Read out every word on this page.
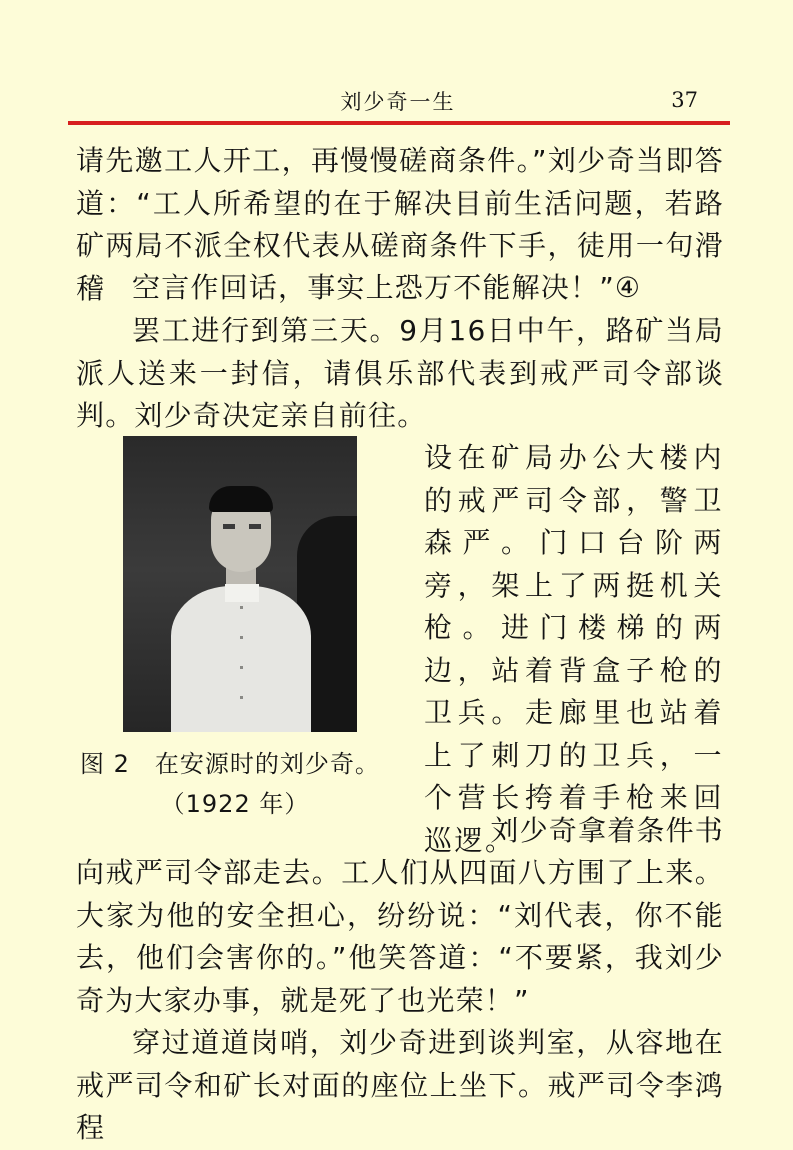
刘少奇一生	37

请先邀工人开工，再慢慢磋商条件。”刘少奇当即答道：“工人所希望的在于解决目前生活问题，若路矿两局不派全权代表从磋商条件下手，徒用一句滑稽 空言作回话，事实上恐万不能解决！”④

罢工进行到第三天。9月16日中午，路矿当局派人送来一封信，请俱乐部代表到戒严司令部谈判。刘少奇决定亲自前往。

设在矿局办公大楼内的戒严司令部，警卫森严。门口台阶两旁，架上了两挺机关枪。进门楼梯的两边，站着背盒子枪的卫兵。走廊里也站着上了刺刀的卫兵，一个营长挎着手枪来回巡逻。

图 2　在安源时的刘少奇。

（1922 年）

刘少奇拿着条件书

向戒严司令部走去。工人们从四面八方围了上来。大家为他的安全担心，纷纷说：“刘代表，你不能去，他们会害你的。”他笑答道：“不要紧，我刘少奇为大家办事，就是死了也光荣！”

穿过道道岗哨，刘少奇进到谈判室，从容地在戒严司令和矿长对面的座位上坐下。戒严司令李鸿程
